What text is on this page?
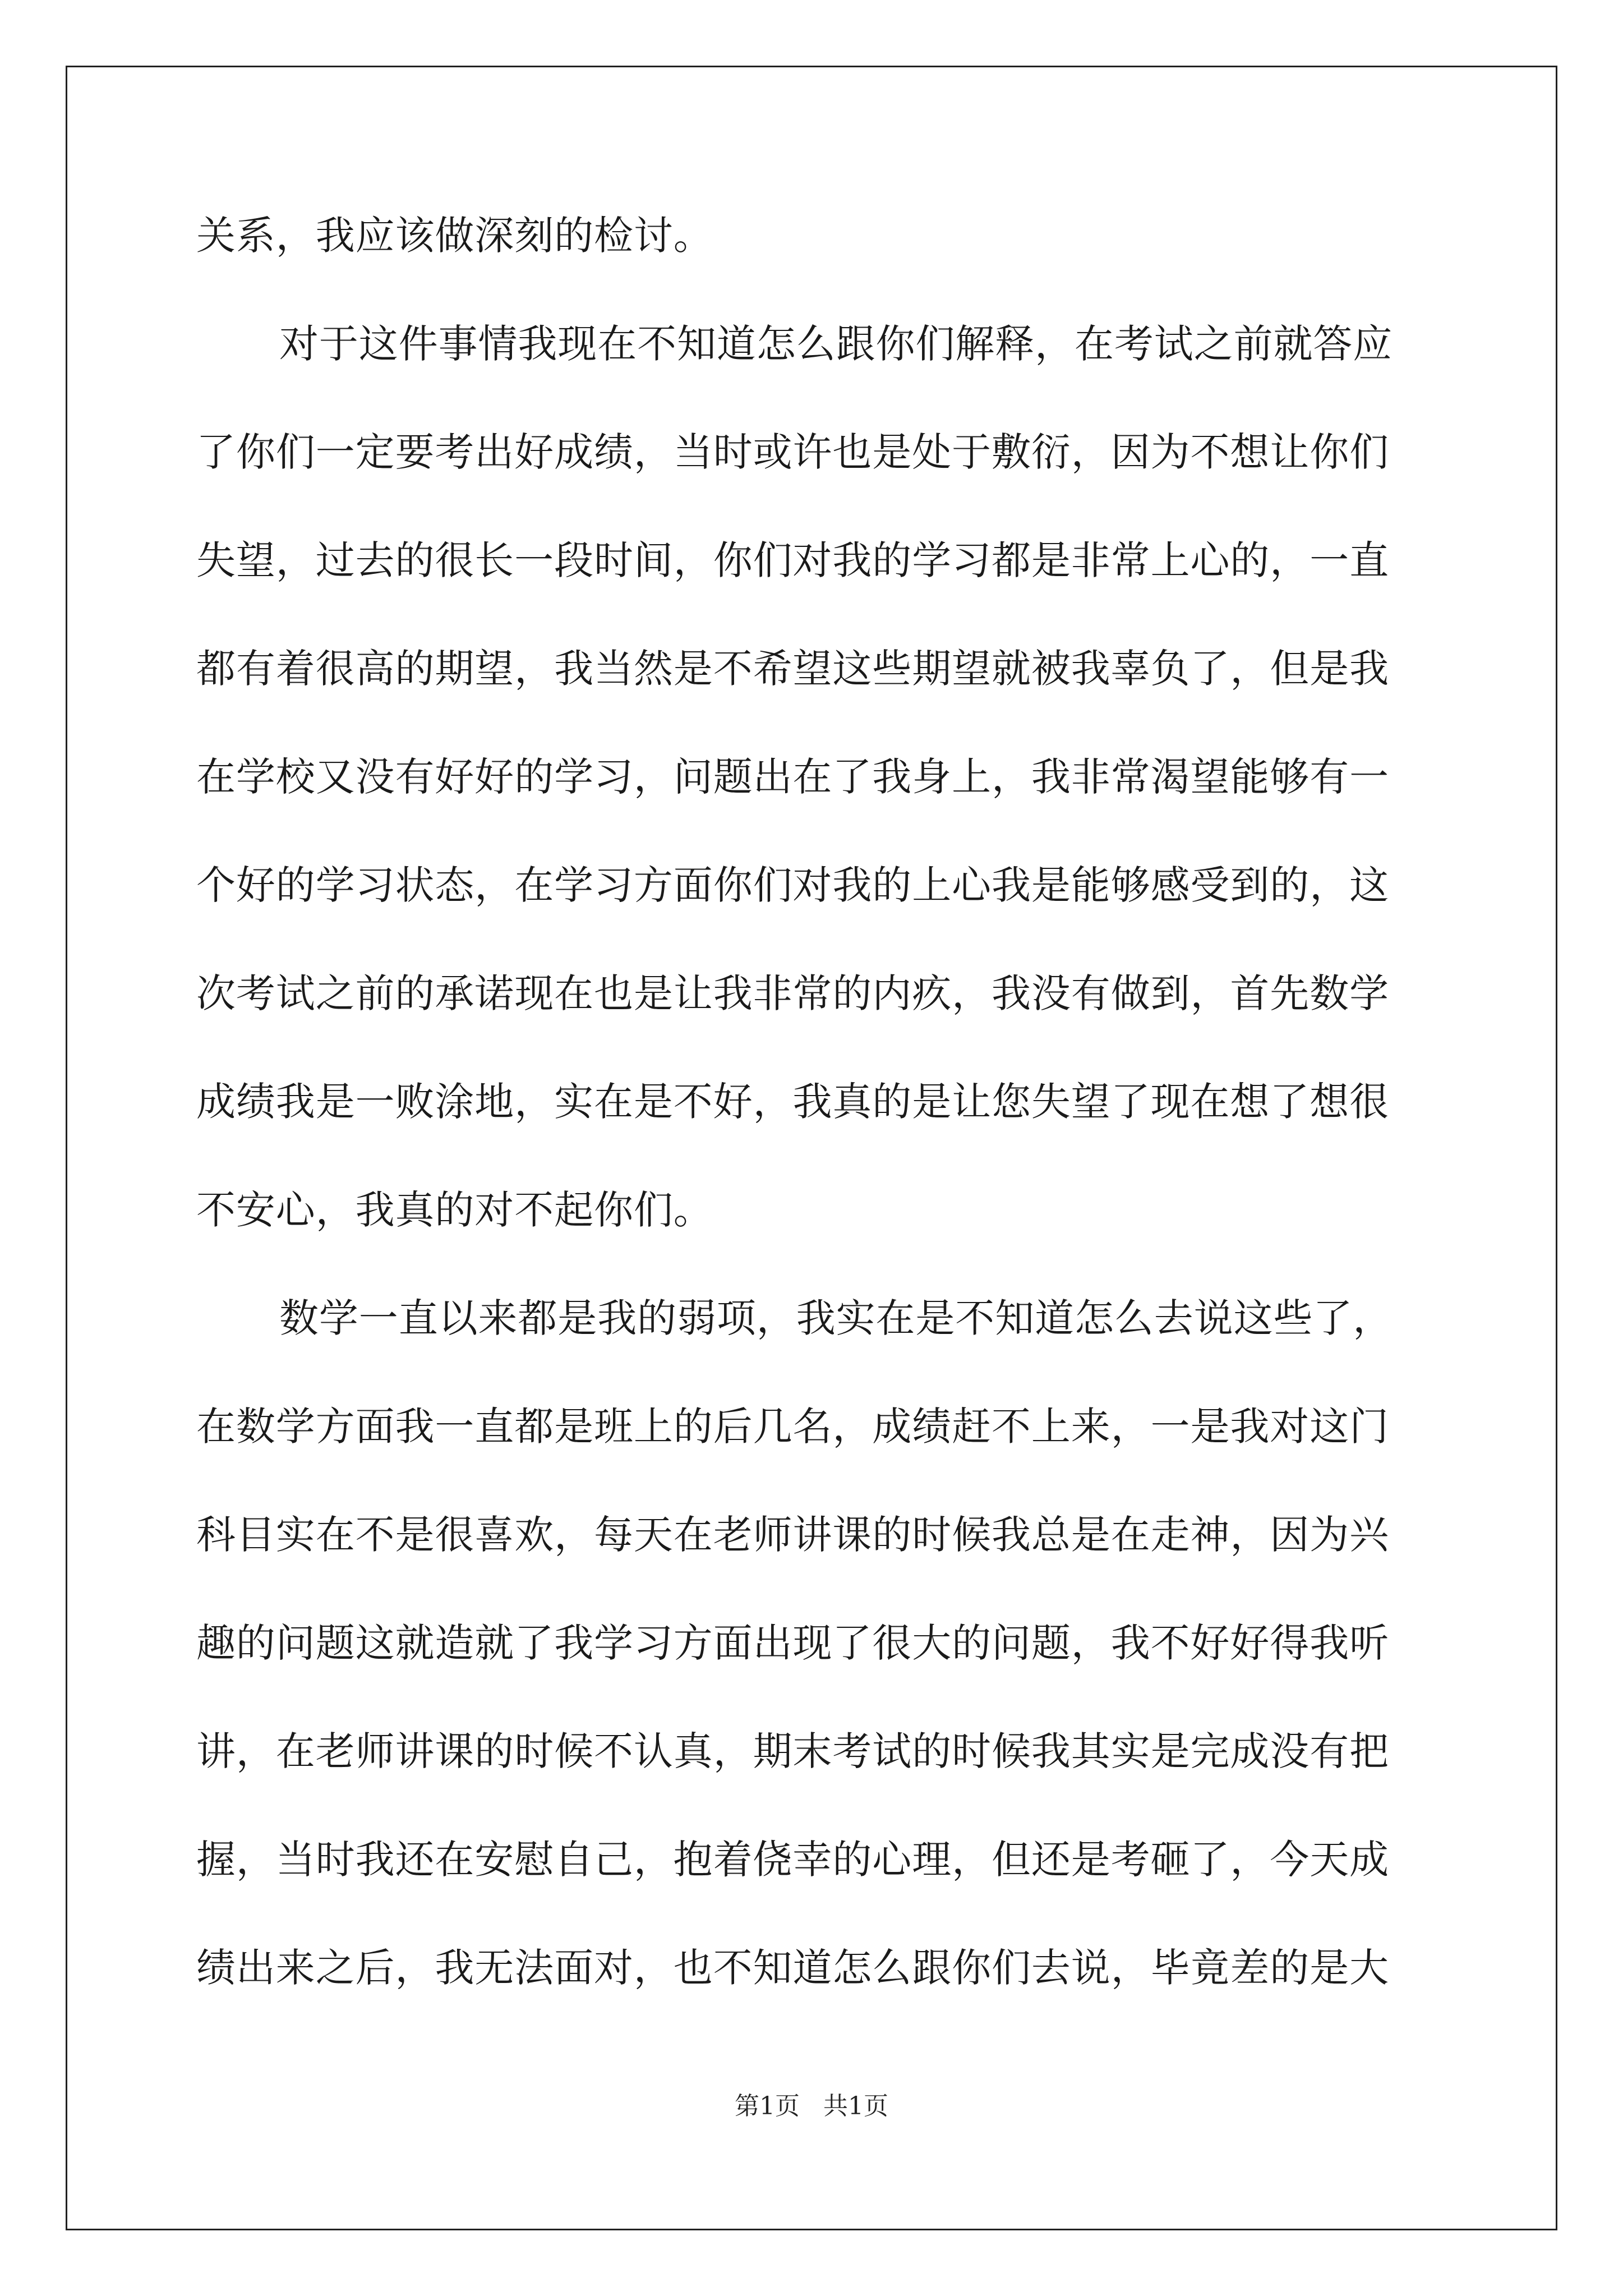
关系，我应该做深刻的检讨。
对于这件事情我现在不知道怎么跟你们解释，在考试之前就答应
了你们一定要考出好成绩，当时或许也是处于敷衍，因为不想让你们
失望，过去的很长一段时间，你们对我的学习都是非常上心的，一直
都有着很高的期望，我当然是不希望这些期望就被我辜负了，但是我
在学校又没有好好的学习，问题出在了我身上，我非常渴望能够有一
个好的学习状态，在学习方面你们对我的上心我是能够感受到的，这
次考试之前的承诺现在也是让我非常的内疚，我没有做到，首先数学
成绩我是一败涂地，实在是不好，我真的是让您失望了现在想了想很
不安心，我真的对不起你们。
数学一直以来都是我的弱项，我实在是不知道怎么去说这些了，
在数学方面我一直都是班上的后几名，成绩赶不上来，一是我对这门
科目实在不是很喜欢，每天在老师讲课的时候我总是在走神，因为兴
趣的问题这就造就了我学习方面出现了很大的问题，我不好好得我听
讲，在老师讲课的时候不认真，期末考试的时候我其实是完成没有把
握，当时我还在安慰自己，抱着侥幸的心理，但还是考砸了，今天成
绩出来之后，我无法面对，也不知道怎么跟你们去说，毕竟差的是大
第1页   共1页
